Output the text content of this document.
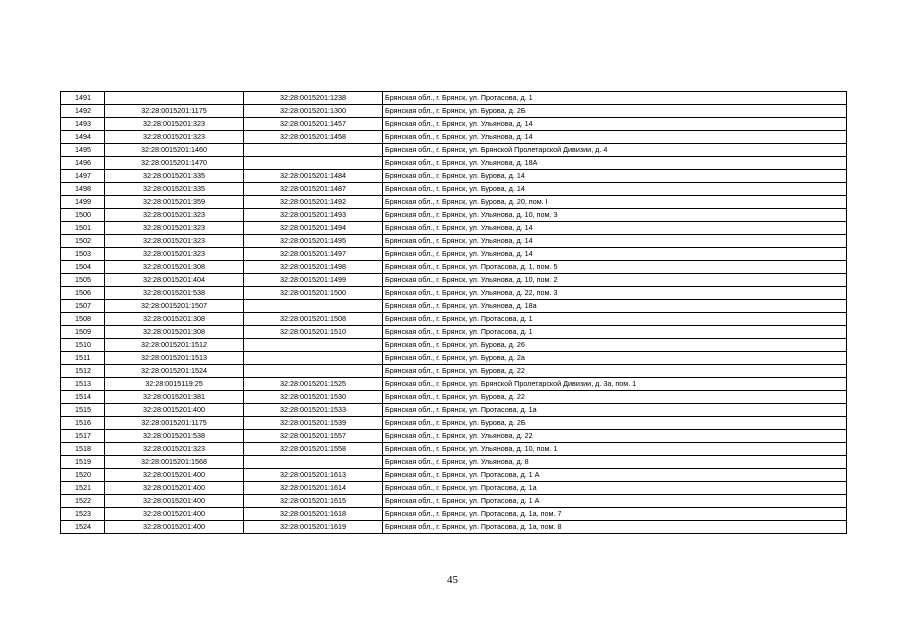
1491		32:28:0015201:1238	Брянская обл., г. Брянск, ул. Протасова, д. 1
1492	32:28:0015201:1175	32:28:0015201:1300	Брянская обл., г. Брянск, ул. Бурова, д. 2Б
1493	32:28:0015201:323	32:28:0015201:1457	Брянская обл., г. Брянск, ул. Ульянова, д. 14
1494	32:28:0015201:323	32:28:0015201:1458	Брянская обл., г. Брянск, ул. Ульянова, д. 14
1495	32:28:0015201:1460		Брянская обл., г. Брянск, ул. Брянской Пролетарской Дивизии, д. 4
1496	32:28:0015201:1470		Брянская обл., г. Брянск, ул. Ульянова, д. 18А
1497	32:28:0015201:335	32:28:0015201:1484	Брянская обл., г. Брянск, ул. Бурова, д. 14
1498	32:28:0015201:335	32:28:0015201:1487	Брянская обл., г. Брянск, ул. Бурова, д. 14
1499	32:28:0015201:359	32:28:0015201:1492	Брянская обл., г. Брянск, ул. Бурова, д. 20, пом. I
1500	32:28:0015201:323	32:28:0015201:1493	Брянская обл., г. Брянск, ул. Ульянова, д. 10, пом. 3
1501	32:28:0015201:323	32:28:0015201:1494	Брянская обл., г. Брянск, ул. Ульянова, д. 14
1502	32:28:0015201:323	32:28:0015201:1495	Брянская обл., г. Брянск, ул. Ульянова, д. 14
1503	32:28:0015201:323	32:28:0015201:1497	Брянская обл., г. Брянск, ул. Ульянова, д. 14
1504	32:28:0015201:308	32:28:0015201:1498	Брянская обл., г. Брянск, ул. Протасова, д. 1, пом. 5
1505	32:28:0015201:404	32:28:0015201:1499	Брянская обл., г. Брянск, ул. Ульянова, д. 10, пом. 2
1506	32:28:0015201:538	32:28:0015201:1500	Брянская обл., г. Брянск, ул. Ульянова, д. 22, пом. 3
1507	32:28:0015201:1507		Брянская обл., г. Брянск, ул. Ульянова, д. 18а
1508	32:28:0015201:308	32:28:0015201:1508	Брянская обл., г. Брянск, ул. Протасова, д. 1
1509	32:28:0015201:308	32:28:0015201:1510	Брянская обл., г. Брянск, ул. Протасова, д. 1
1510	32:28:0015201:1512		Брянская обл., г. Брянск, ул. Бурова, д. 26
1511	32:28:0015201:1513		Брянская обл., г. Брянск, ул. Бурова, д. 2а
1512	32:28:0015201:1524		Брянская обл., г. Брянск, ул. Бурова, д. 22
1513	32:28:0015119:25	32:28:0015201:1525	Брянская обл., г. Брянск, ул. Брянской Пролетарской Дивизии, д. 3а, пом. 1
1514	32:28:0015201:381	32:28:0015201:1530	Брянская обл., г. Брянск, ул. Бурова, д. 22
1515	32:28:0015201:400	32:28:0015201:1533	Брянская обл., г. Брянск, ул. Протасова, д. 1а
1516	32:28:0015201:1175	32:28:0015201:1539	Брянская обл., г. Брянск, ул. Бурова, д. 2Б
1517	32:28:0015201:538	32:28:0015201:1557	Брянская обл., г. Брянск, ул. Ульянова, д. 22
1518	32:28:0015201:323	32:28:0015201:1558	Брянская обл., г. Брянск, ул. Ульянова, д. 10, пом. 1
1519	32:28:0015201:1568		Брянская обл., г. Брянск, ул. Ульянова, д. 8
1520	32:28:0015201:400	32:28:0015201:1613	Брянская обл., г. Брянск, ул. Протасова, д. 1 А
1521	32:28:0015201:400	32:28:0015201:1614	Брянская обл., г. Брянск, ул. Протасова, д. 1а
1522	32:28:0015201:400	32:28:0015201:1615	Брянская обл., г. Брянск, ул. Протасова, д. 1 А
1523	32:28:0015201:400	32:28:0015201:1618	Брянская обл., г. Брянск, ул. Протасова, д. 1а, пом. 7
1524	32:28:0015201:400	32:28:0015201:1619	Брянская обл., г. Брянск, ул. Протасова, д. 1а, пом. 8
45
